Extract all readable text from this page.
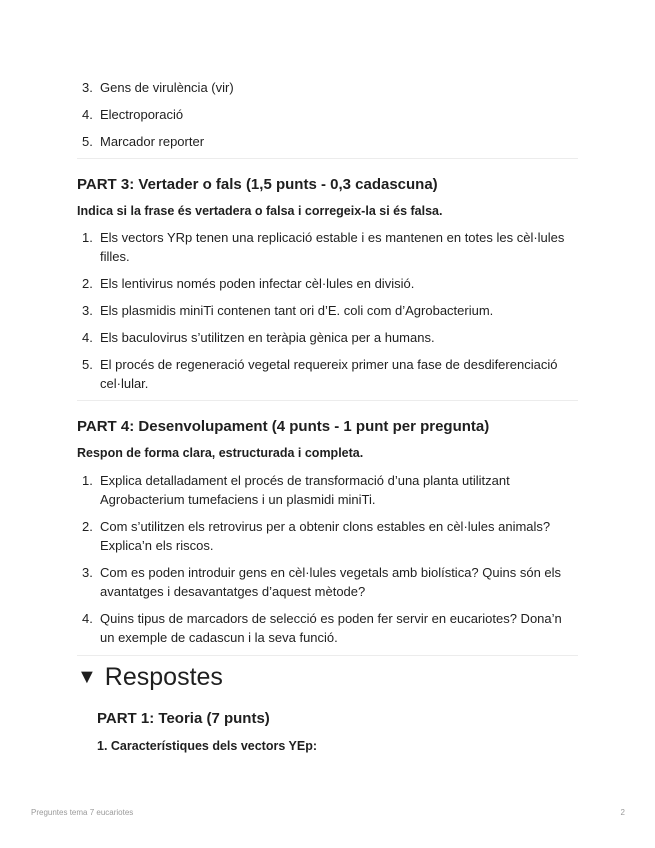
3. Gens de virulència (vir)
4. Electroporació
5. Marcador reporter
PART 3: Vertader o fals (1,5 punts - 0,3 cadascuna)

Indica si la frase és vertadera o falsa i corregeix-la si és falsa.

1. Els vectors YRp tenen una replicació estable i es mantenen en totes les cèl·lules filles.
2. Els lentivirus només poden infectar cèl·lules en divisió.
3. Els plasmidis miniTi contenen tant ori d’E. coli com d’Agrobacterium.
4. Els baculovirus s’utilitzen en teràpia gènica per a humans.
5. El procés de regeneració vegetal requereix primer una fase de desdiferenciació cel·lular.
PART 4: Desenvolupament (4 punts - 1 punt per pregunta)

Respon de forma clara, estructurada i completa.

1. Explica detalladament el procés de transformació d’una planta utilitzant Agrobacterium tumefaciens i un plasmidi miniTi.
2. Com s’utilitzen els retrovirus per a obtenir clons estables en cèl·lules animals? Explica’n els riscos.
3. Com es poden introduir gens en cèl·lules vegetals amb biolística? Quins són els avantatges i desavantatges d’aquest mètode?
4. Quins tipus de marcadors de selecció es poden fer servir en eucariotes? Dona’n un exemple de cadascun i la seva funció.
▼ Respostes
PART 1: Teoria (7 punts)

1. Característiques dels vectors YEp:

Preguntes tema 7 eucariotes	2
